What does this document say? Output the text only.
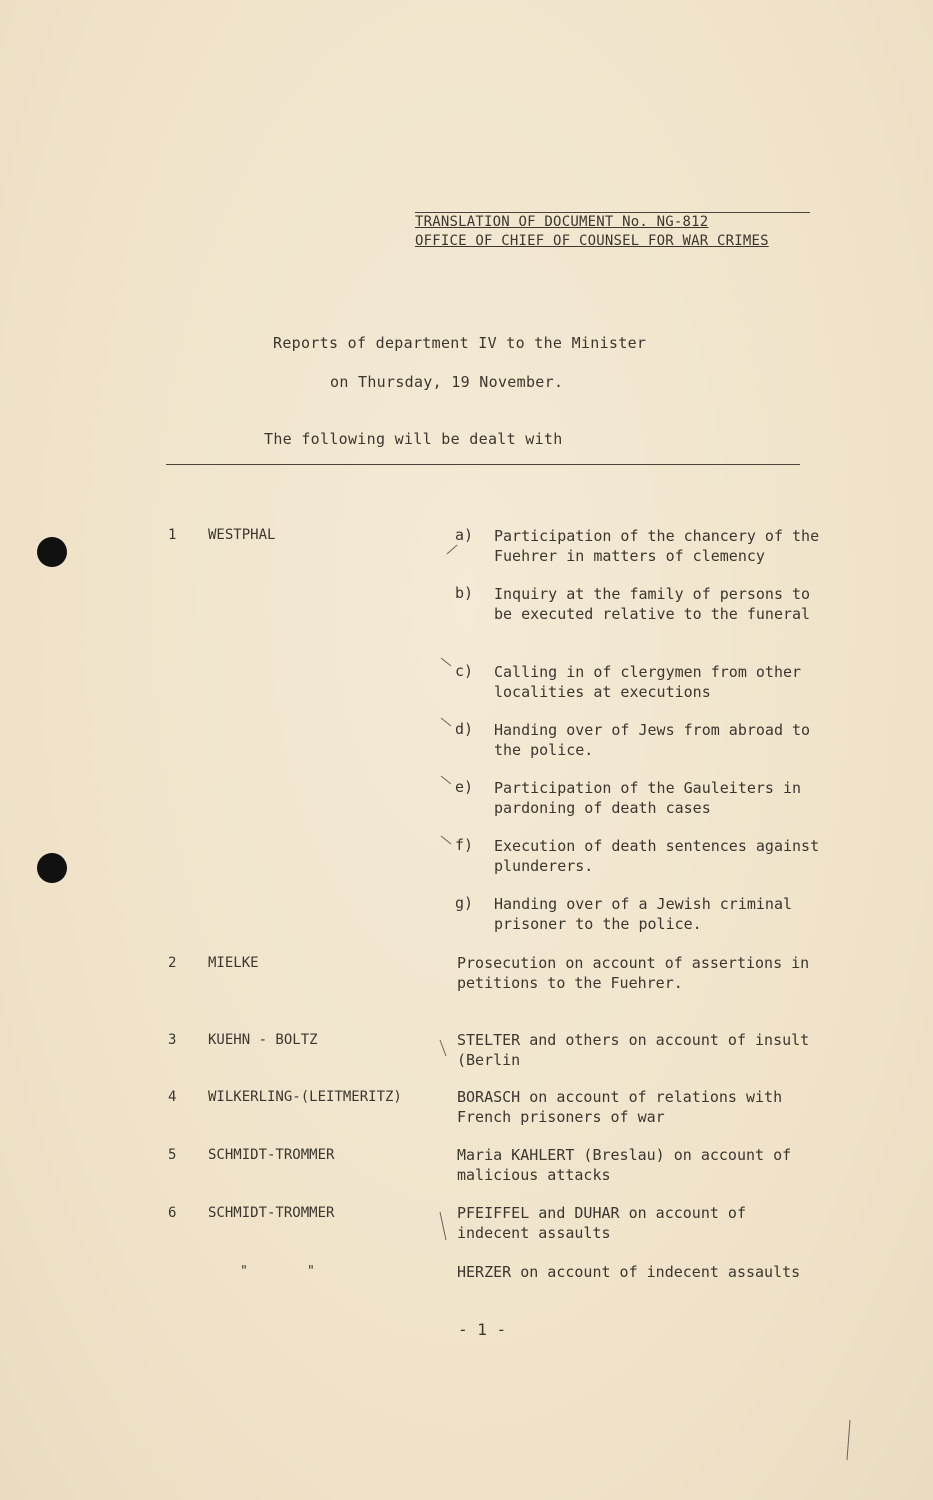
TRANSLATION OF DOCUMENT No. NG-812
OFFICE OF CHIEF OF COUNSEL FOR WAR CRIMES
Reports of department IV to the Minister
on Thursday, 19 November.
The following will be dealt with
1 WESTPHAL	a) Participation of the chancery of the Fuehrer in matters of clemency
b) Inquiry at the family of persons to be executed relative to the funeral
c) Calling in of clergymen from other localities at executions
d) Handing over of Jews from abroad to the police.
e) Participation of the Gauleiters in pardoning of death cases
f) Execution of death sentences against plunderers.
g) Handing over of a Jewish criminal prisoner to the police.
2 MIELKE	Prosecution on account of assertions in petitions to the Fuehrer.
3 KUEHN - BOLTZ	STELTER and others on account of insult (Berlin
4 WILKERLING-(LEITMERITZ)	BORASCH on account of relations with French prisoners of war
5 SCHMIDT-TROMMER	Maria KAHLERT (Breslau) on account of malicious attacks
6 SCHMIDT-TROMMER	PFEIFFEL and DUHAR on account of indecent assaults
"	"	HERZER on account of indecent assaults
- 1 -
